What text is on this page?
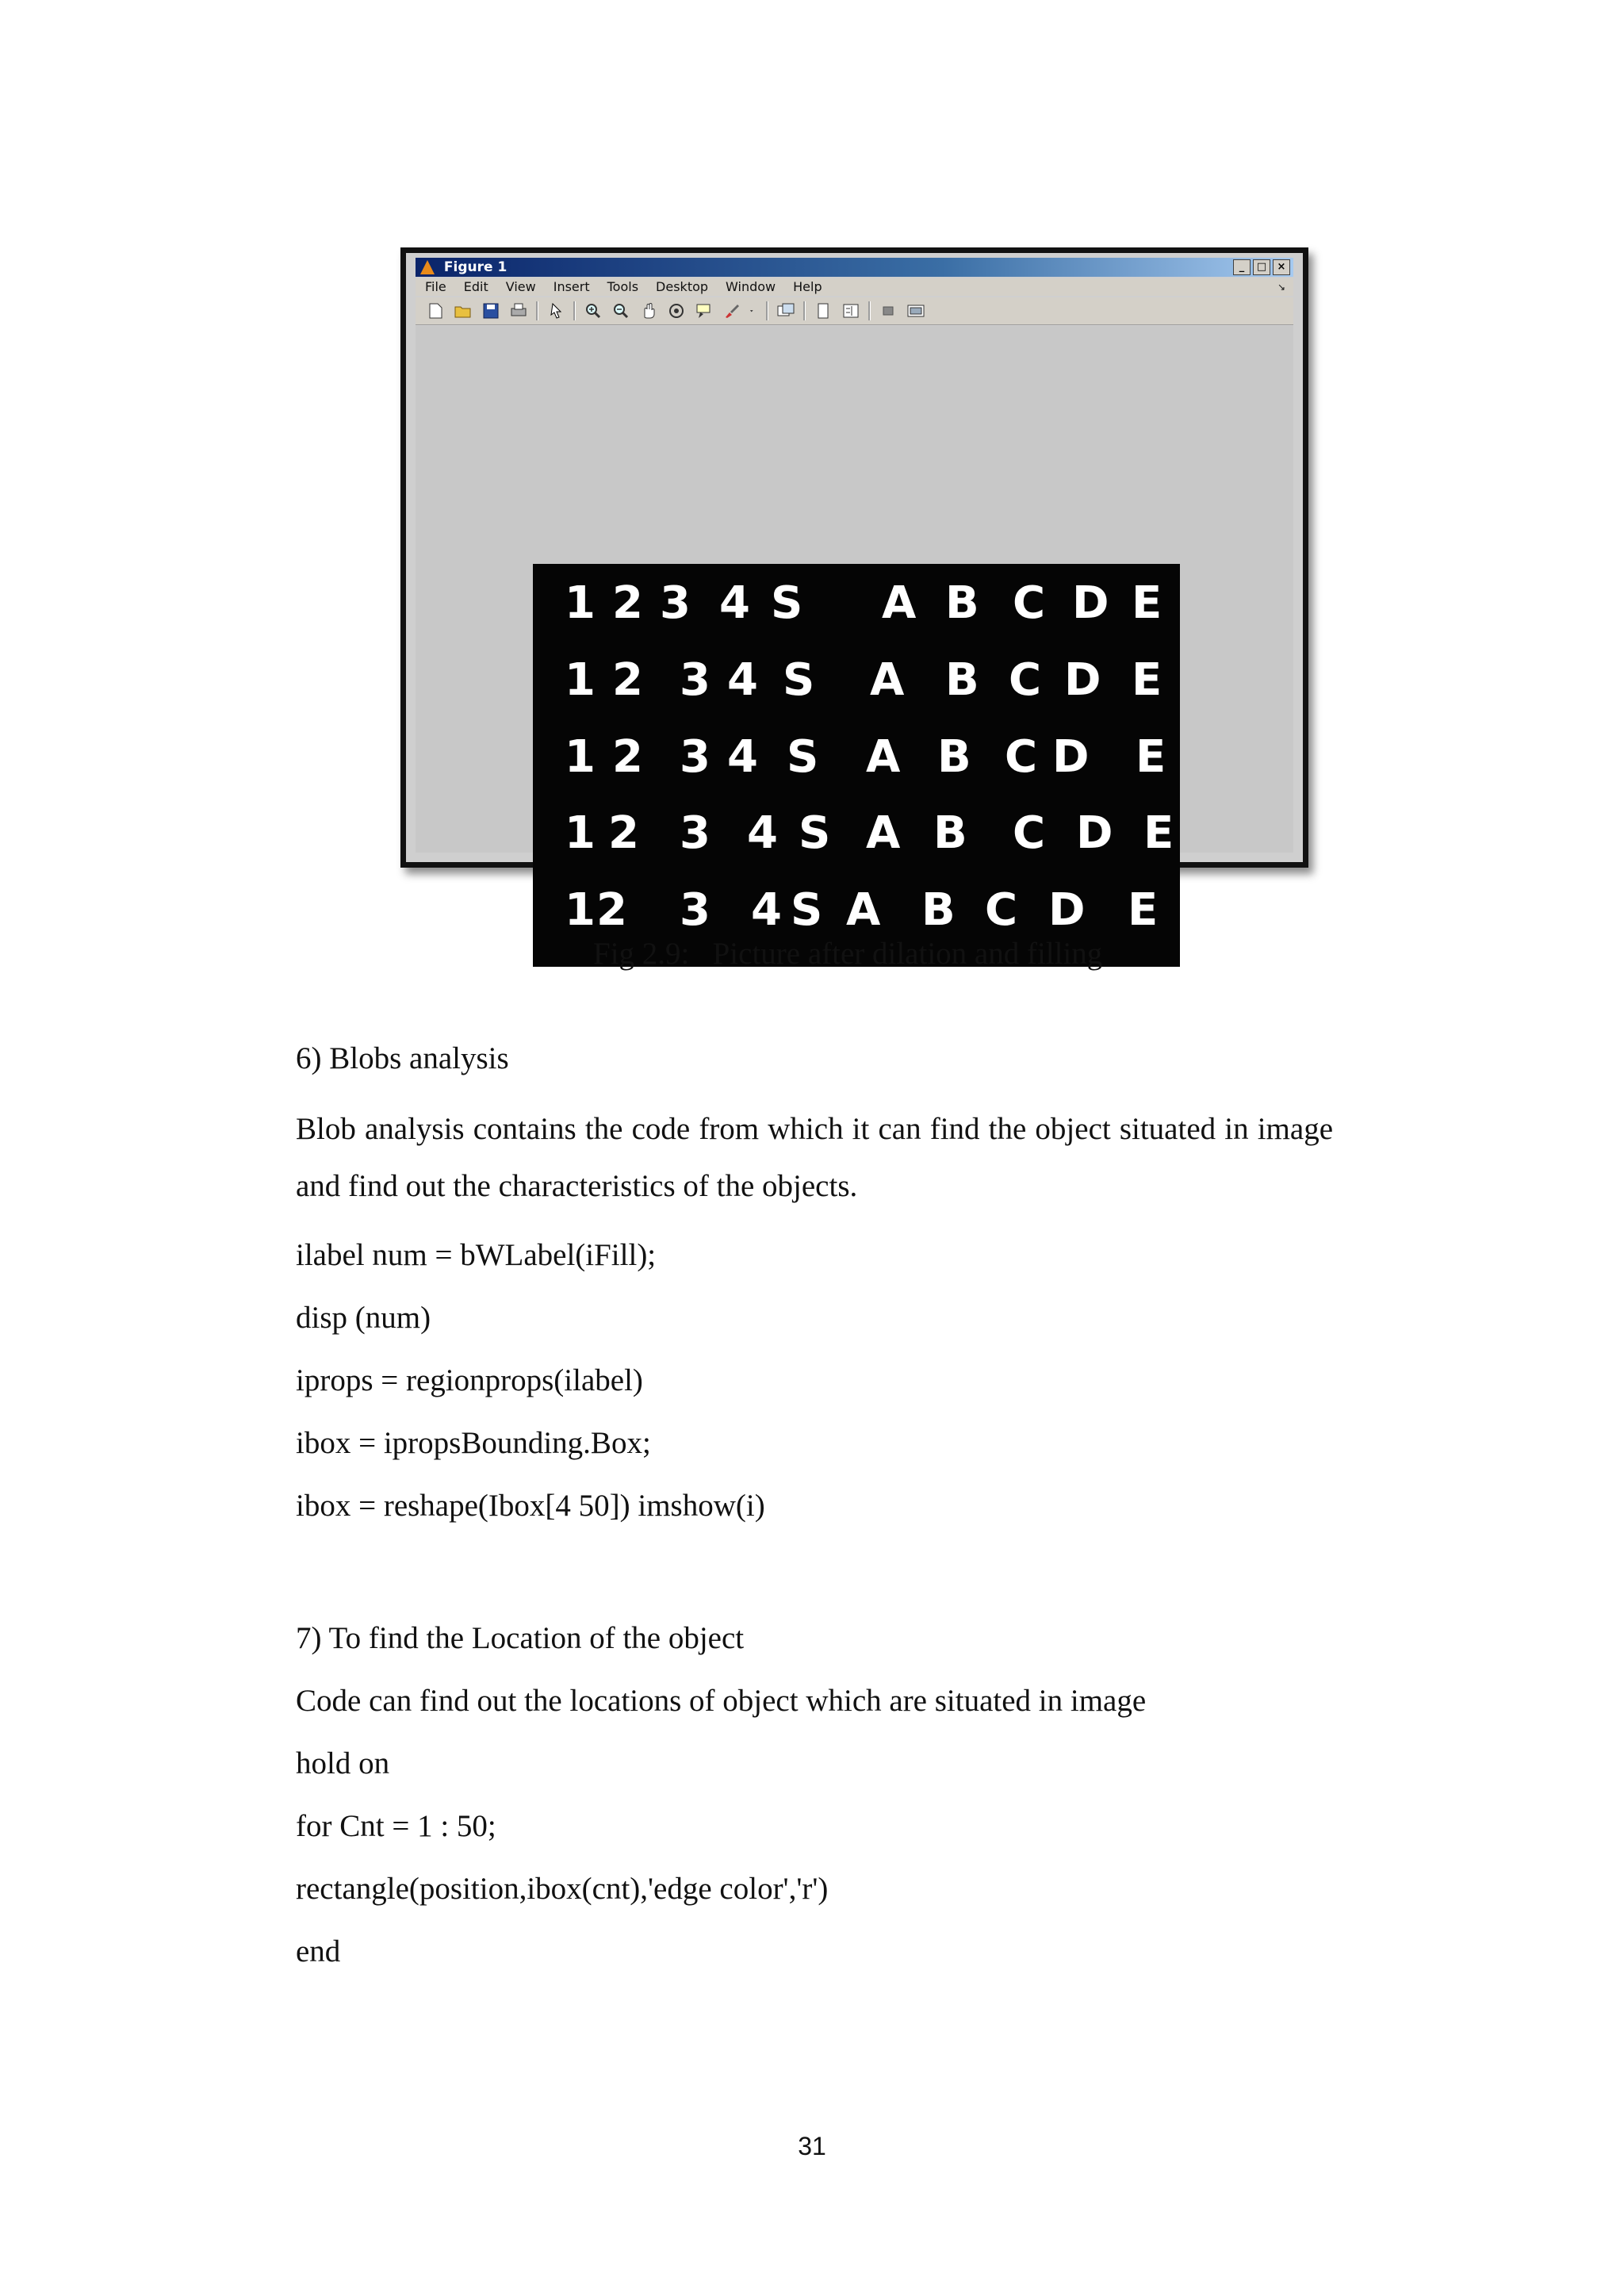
Figure 1	_	□	×
File Edit View Insert Tools Desktop Window Help	↘
1 2 3 4 S A B C D E
1 2 3 4 S A B C D E
1 2 3 4 S A B C D E
1 2 3 4 S A B C D E
1 2 3 4 S A B C D E
Fig 2.9:   Picture after dilation and filling
6) Blobs analysis
Blob analysis contains the code from which it can find the object situated in image and find out the characteristics of the objects.
ilabel num = bWLabel(iFill);
disp (num)
iprops = regionprops(ilabel)
ibox = ipropsBounding.Box;
ibox = reshape(Ibox[4 50]) imshow(i)
7) To find the Location of the object
Code can find out the locations of object which are situated in image
hold on
for Cnt = 1 : 50;
rectangle(position,ibox(cnt),'edge color','r')
end
31
